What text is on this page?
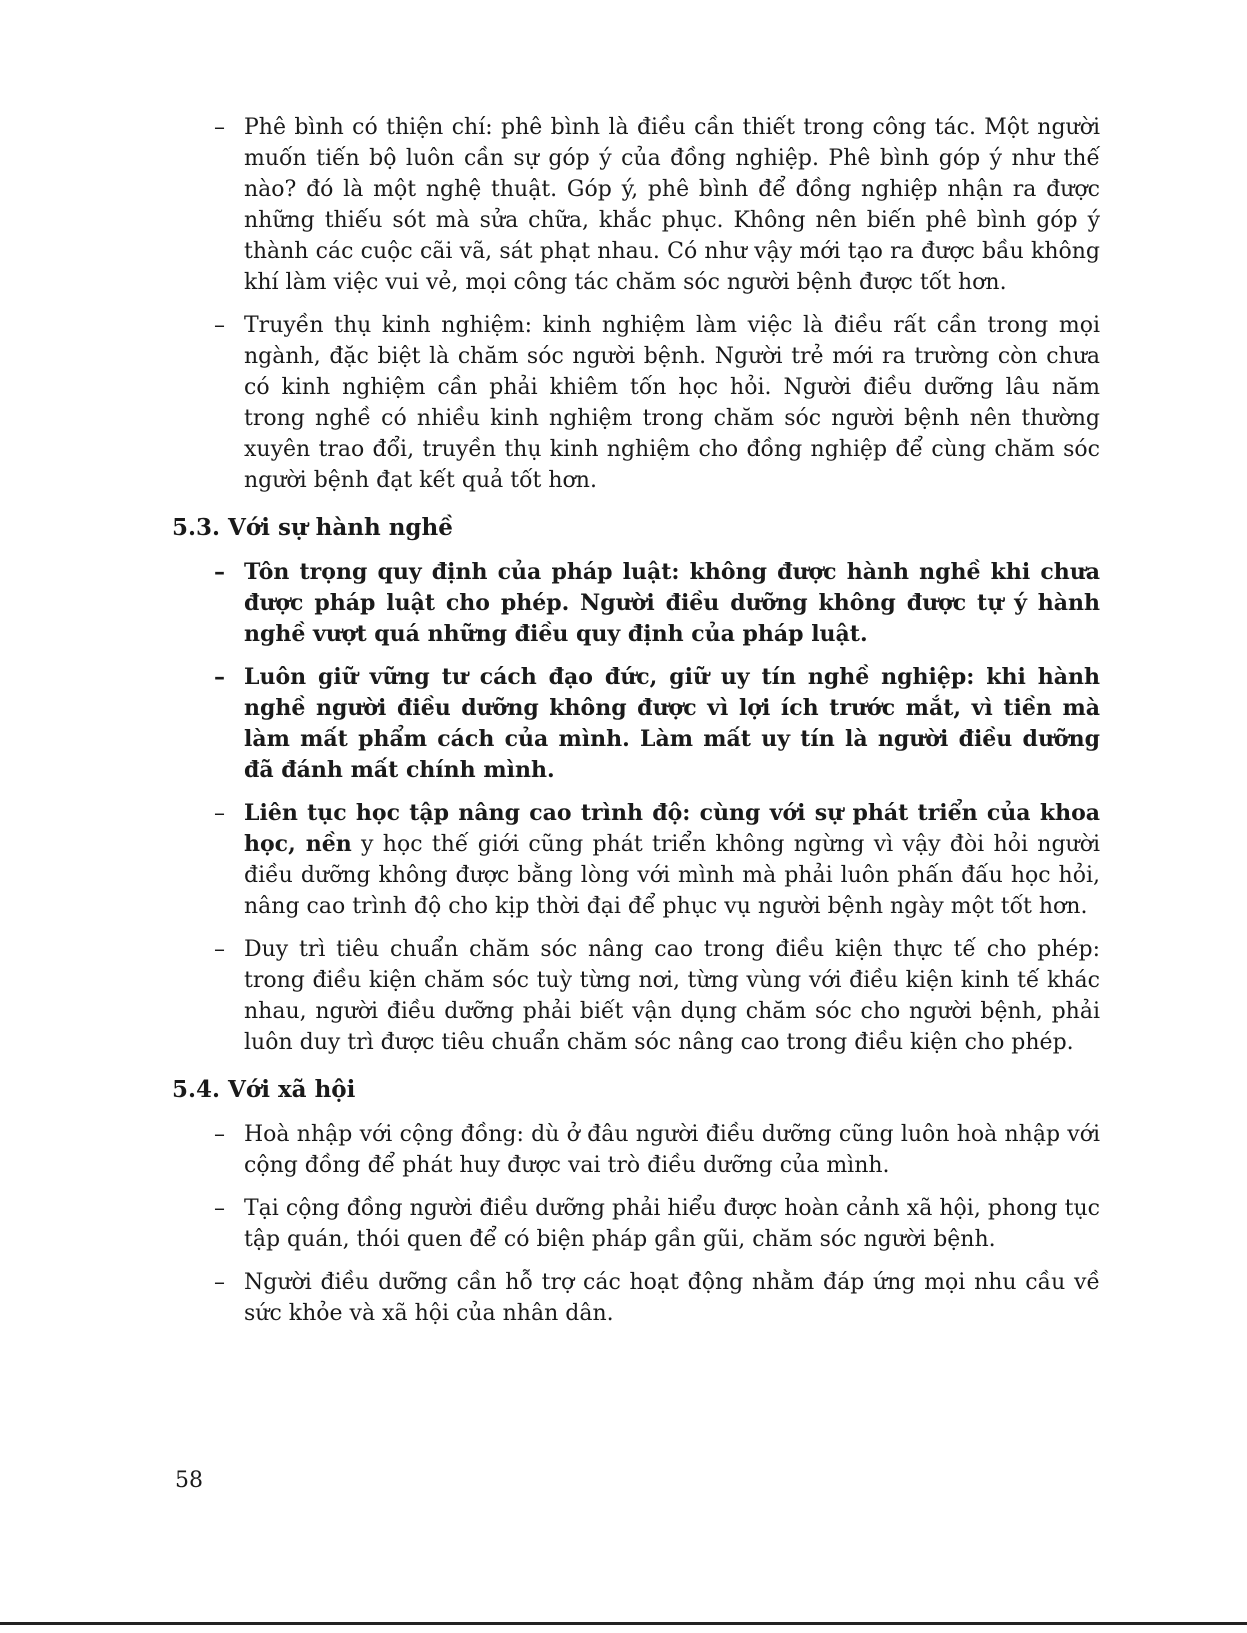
– Phê bình có thiện chí: phê bình là điều cần thiết trong công tác. Một người muốn tiến bộ luôn cần sự góp ý của đồng nghiệp. Phê bình góp ý như thế nào? đó là một nghệ thuật. Góp ý, phê bình để đồng nghiệp nhận ra được những thiếu sót mà sửa chữa, khắc phục. Không nên biến phê bình góp ý thành các cuộc cãi vã, sát phạt nhau. Có như vậy mới tạo ra được bầu không khí làm việc vui vẻ, mọi công tác chăm sóc người bệnh được tốt hơn.
– Truyền thụ kinh nghiệm: kinh nghiệm làm việc là điều rất cần trong mọi ngành, đặc biệt là chăm sóc người bệnh. Người trẻ mới ra trường còn chưa có kinh nghiệm cần phải khiêm tốn học hỏi. Người điều dưỡng lâu năm trong nghề có nhiều kinh nghiệm trong chăm sóc người bệnh nên thường xuyên trao đổi, truyền thụ kinh nghiệm cho đồng nghiệp để cùng chăm sóc người bệnh đạt kết quả tốt hơn.
5.3. Với sự hành nghề
– Tôn trọng quy định của pháp luật: không được hành nghề khi chưa được pháp luật cho phép. Người điều dưỡng không được tự ý hành nghề vượt quá những điều quy định của pháp luật.
– Luôn giữ vững tư cách đạo đức, giữ uy tín nghề nghiệp: khi hành nghề người điều dưỡng không được vì lợi ích trước mắt, vì tiền mà làm mất phẩm cách của mình. Làm mất uy tín là người điều dưỡng đã đánh mất chính mình.
– Liên tục học tập nâng cao trình độ: cùng với sự phát triển của khoa học, nền y học thế giới cũng phát triển không ngừng vì vậy đòi hỏi người điều dưỡng không được bằng lòng với mình mà phải luôn phấn đấu học hỏi, nâng cao trình độ cho kịp thời đại để phục vụ người bệnh ngày một tốt hơn.
– Duy trì tiêu chuẩn chăm sóc nâng cao trong điều kiện thực tế cho phép: trong điều kiện chăm sóc tuỳ từng nơi, từng vùng với điều kiện kinh tế khác nhau, người điều dưỡng phải biết vận dụng chăm sóc cho người bệnh, phải luôn duy trì được tiêu chuẩn chăm sóc nâng cao trong điều kiện cho phép.
5.4. Với xã hội
– Hoà nhập với cộng đồng: dù ở đâu người điều dưỡng cũng luôn hoà nhập với cộng đồng để phát huy được vai trò điều dưỡng của mình.
– Tại cộng đồng người điều dưỡng phải hiểu được hoàn cảnh xã hội, phong tục tập quán, thói quen để có biện pháp gần gũi, chăm sóc người bệnh.
– Người điều dưỡng cần hỗ trợ các hoạt động nhằm đáp ứng mọi nhu cầu về sức khỏe và xã hội của nhân dân.
58
